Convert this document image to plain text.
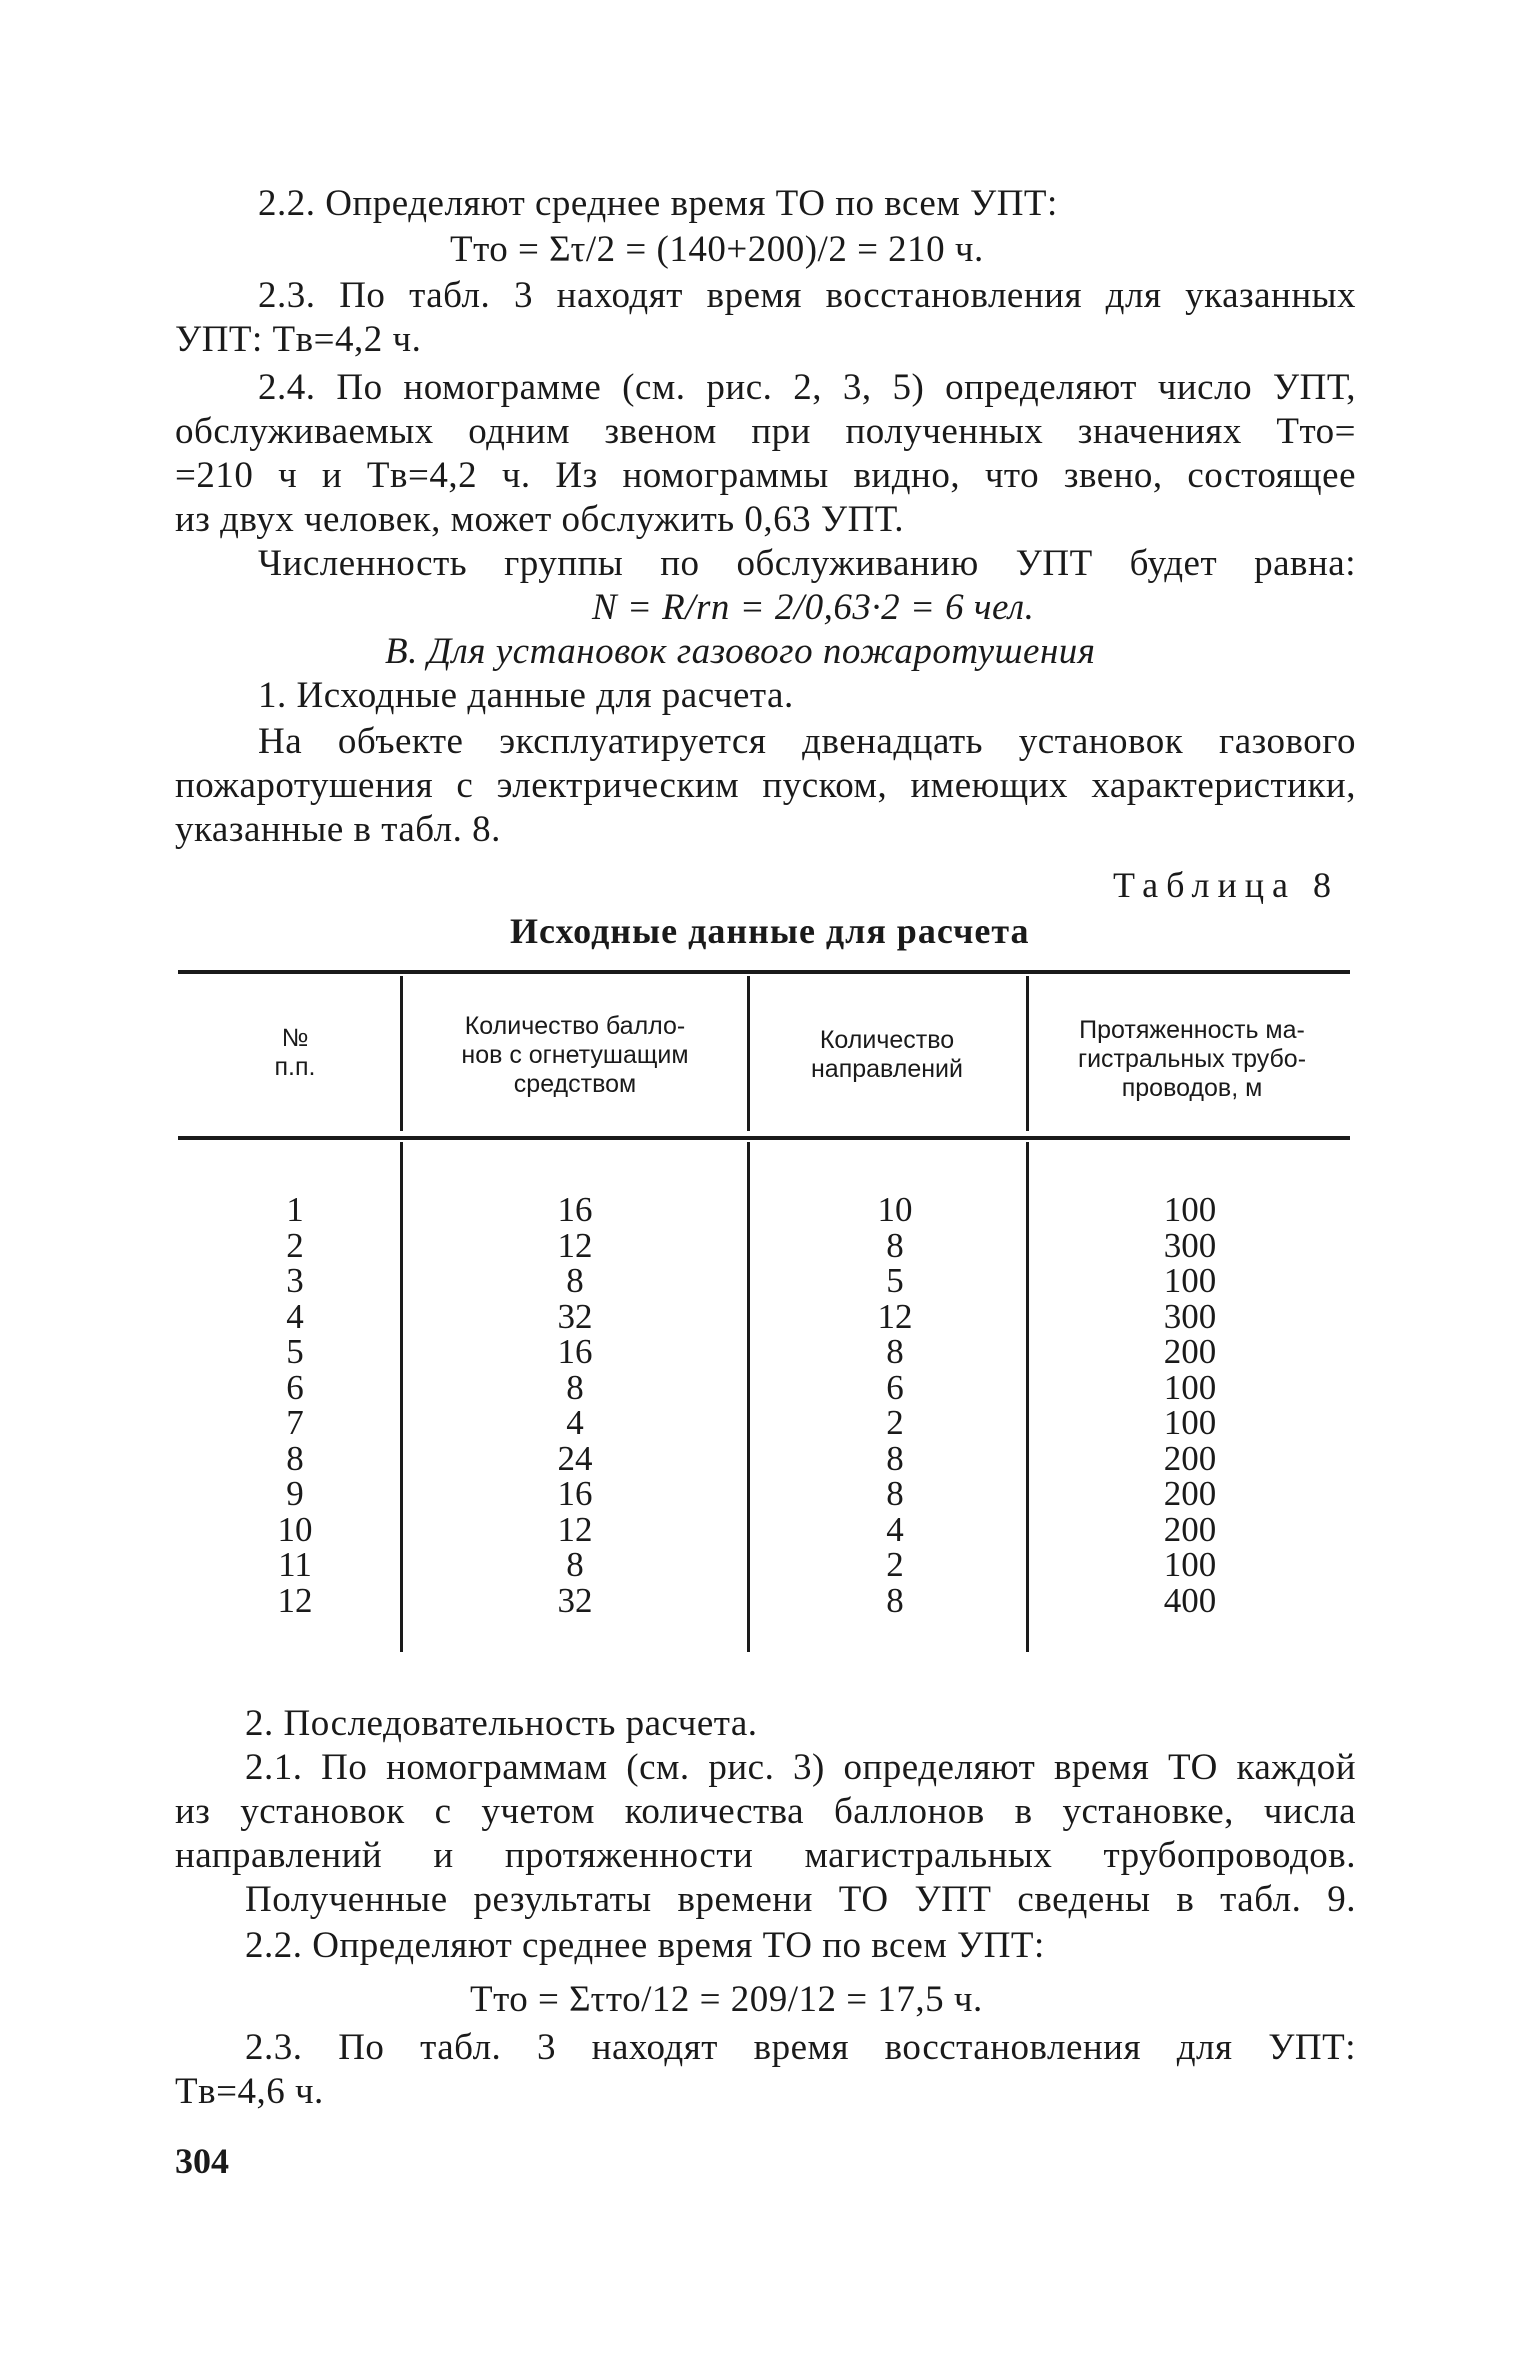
2.2. Определяют среднее время ТО по всем УПТ:
Tто = Στ/2 = (140+200)/2 = 210 ч.
2.3. По табл. 3 находят время восстановления для указанных
УПТ: Tв=4,2 ч.
2.4. По номограмме (см. рис. 2, 3, 5) определяют число УПТ,
обслуживаемых одним звеном при полученных значениях Tто=
=210 ч и Tв=4,2 ч. Из номограммы видно, что звено, состоящее
из двух человек, может обслужить 0,63 УПТ.
Численность группы по обслуживанию УПТ будет равна:
N = R/rn = 2/0,63·2 = 6 чел.
В. Для установок газового пожаротушения
1. Исходные данные для расчета.
На объекте эксплуатируется двенадцать установок газового
пожаротушения с электрическим пуском, имеющих характеристики,
указанные в табл. 8.
Таблица 8
Исходные данные для расчета
№
п.п.
Количество балло-
нов с огнетушащим
средством
Количество
направлений
Протяженность ма-
гистральных трубо-
проводов, м
1
2
3
4
5
6
7
8
9
10
11
12
16
12
8
32
16
8
4
24
16
12
8
32
10
8
5
12
8
6
2
8
8
4
2
8
100
300
100
300
200
100
100
200
200
200
100
400
2. Последовательность расчета.
2.1. По номограммам (см. рис. 3) определяют время ТО каждой
из установок с учетом количества баллонов в установке, числа
направлений и протяженности магистральных трубопроводов.
Полученные результаты времени ТО УПТ сведены в табл. 9.
2.2. Определяют среднее время ТО по всем УПТ:
Tто = Στто/12 = 209/12 = 17,5 ч.
2.3. По табл. 3 находят время восстановления для УПТ:
Tв=4,6 ч.
304
